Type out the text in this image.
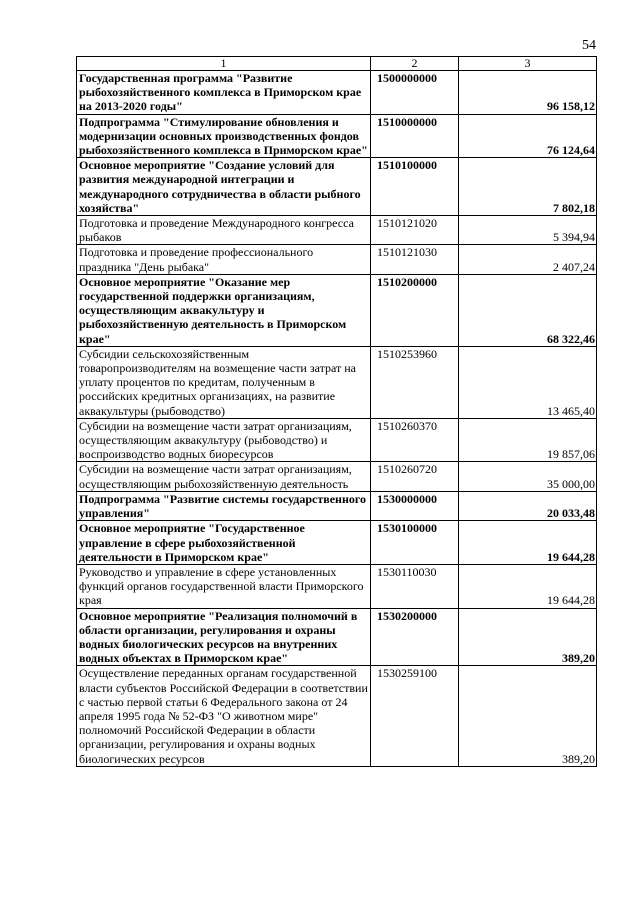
54
1	2	3
Государственная программа "Развитие рыбохозяйственного комплекса в Приморском крае на 2013-2020 годы"	1500000000	96 158,12
Подпрограмма "Стимулирование обновления и модернизации основных производственных фондов рыбохозяйственного комплекса в Приморском крае"	1510000000	76 124,64
Основное мероприятие "Создание условий для развития международной интеграции и международного сотрудничества в области рыбного хозяйства"	1510100000	7 802,18
Подготовка и проведение Международного конгресса рыбаков	1510121020	5 394,94
Подготовка и проведение профессионального праздника "День рыбака"	1510121030	2 407,24
Основное мероприятие "Оказание мер государственной поддержки организациям, осуществляющим аквакультуру и рыбохозяйственную деятельность в Приморском крае"	1510200000	68 322,46
Субсидии сельскохозяйственным товаропроизводителям на возмещение части затрат на уплату процентов по кредитам, полученным в российских кредитных организациях, на развитие аквакультуры (рыбоводство)	1510253960	13 465,40
Субсидии на возмещение части затрат организациям, осуществляющим аквакультуру (рыбоводство) и воспроизводство водных биоресурсов	1510260370	19 857,06
Субсидии на возмещение части затрат организациям, осуществляющим рыбохозяйственную деятельность	1510260720	35 000,00
Подпрограмма "Развитие системы государственного управления"	1530000000	20 033,48
Основное мероприятие "Государственное управление в сфере рыбохозяйственной деятельности в Приморском крае"	1530100000	19 644,28
Руководство и управление в сфере установленных функций органов государственной власти Приморского края	1530110030	19 644,28
Основное мероприятие "Реализация полномочий в области организации, регулирования и охраны водных биологических ресурсов на внутренних водных объектах в Приморском крае"	1530200000	389,20
Осуществление переданных органам государственной власти субъектов Российской Федерации в соответствии с частью первой статьи 6 Федерального закона от 24 апреля 1995 года № 52-ФЗ "О животном мире" полномочий Российской Федерации в области организации, регулирования и охраны водных биологических ресурсов	1530259100	389,20
